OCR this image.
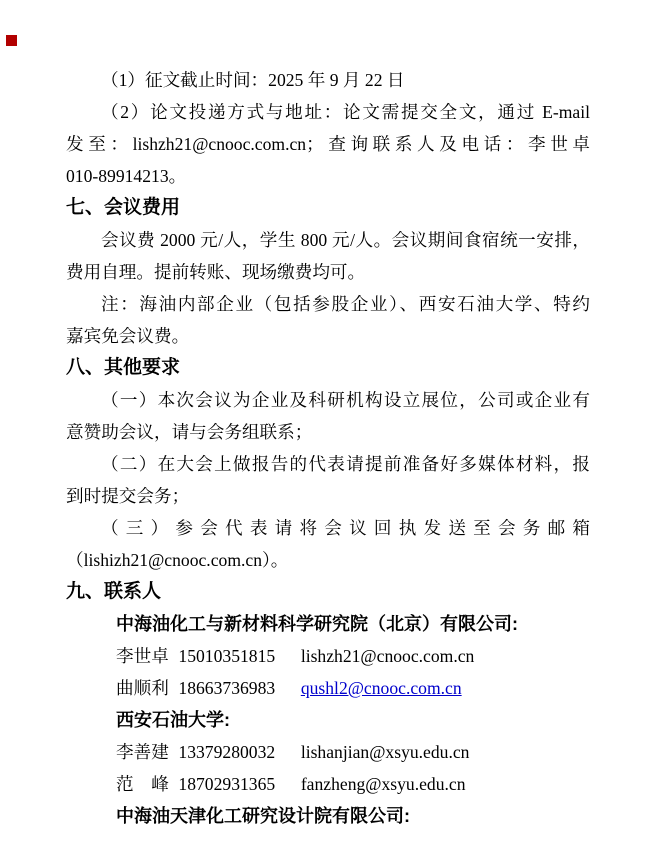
（1）征文截止时间：2025 年 9 月 22 日
（2）论文投递方式与地址：论文需提交全文，通过 E-mail
发至：lishzh21@cnooc.com.cn；查询联系人及电话：李世卓
010-89914213。
七、会议费用
会议费 2000 元/人，学生 800 元/人。会议期间食宿统一安排，
费用自理。提前转账、现场缴费均可。
注：海油内部企业（包括参股企业）、西安石油大学、特约
嘉宾免会议费。
八、其他要求
（一）本次会议为企业及科研机构设立展位，公司或企业有
意赞助会议，请与会务组联系；
（二）在大会上做报告的代表请提前准备好多媒体材料，报
到时提交会务；
（三）参会代表请将会议回执发送至会务邮箱
（lishizh21@cnooc.com.cn）。
九、联系人
中海油化工与新材料科学研究院（北京）有限公司:
李世卓 15010351815 lishzh21@cnooc.com.cn
曲顺利 18663736983 qushl2@cnooc.com.cn
西安石油大学:
李善建 13379280032 lishanjian@xsyu.edu.cn
范　峰 18702931365 fanzheng@xsyu.edu.cn
中海油天津化工研究设计院有限公司:
